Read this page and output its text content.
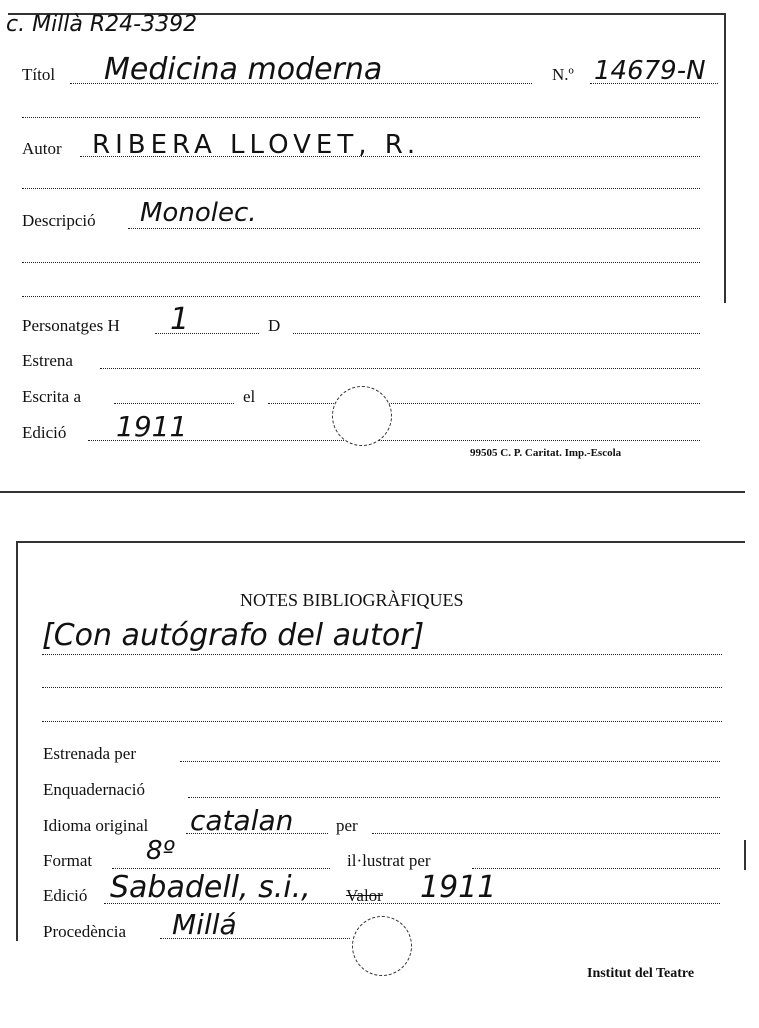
c. Millà R24-3392
Títol Medicina moderna	N.º 14679-N
Autor RIBERA LLOVET, R.
Descripció Monolec.
Personatges H 1	D
Estrena
Escrita a	el
Edició 1911
99505 C. P. Caritat. Imp.-Escola
NOTES BIBLIOGRÀFIQUES
[Con autógrafo del autor]
Estrenada per
Enquadernació
Idioma original catalan	per
Format 8º	il·lustrat per
Edició Sabadell, s.i., Valor 1911
Procedència Millá
Institut del Teatre
